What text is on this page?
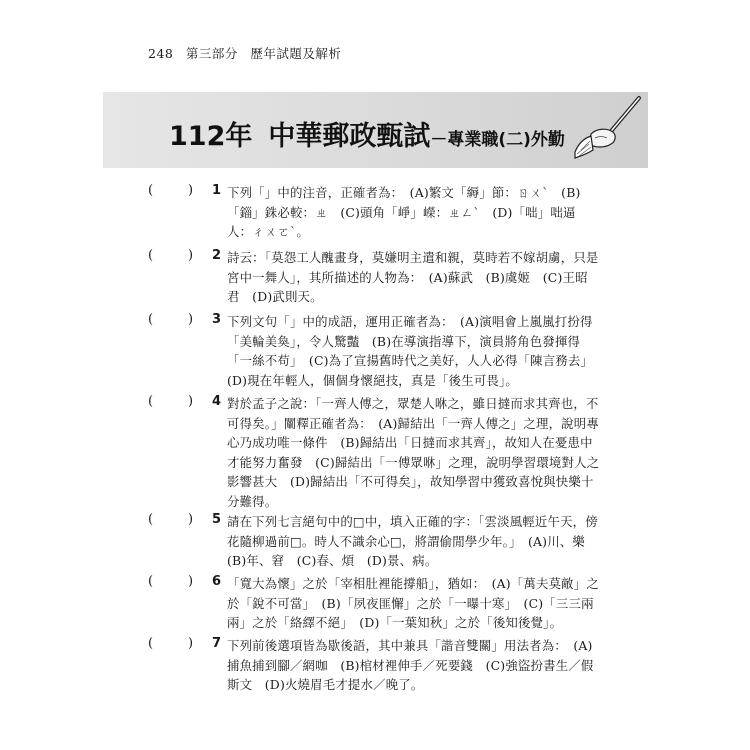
248 第三部分 歷年試題及解析
112年 中華郵政甄試－專業職(二)外勤
(	) 1 下列「」中的注音，正確者為：　(A)繁文「縟」節：ㄖㄨˋ　(B)「錙」銖必較：ㄓ　(C)頭角「崢」嶸：ㄓㄥˋ　(D)「咄」咄逼人：ㄔㄨㄛˋ。
(	) 2 詩云：「莫怨工人醜畫身，莫嫌明主遣和親，莫時若不嫁胡虜，只是宮中一舞人」，其所描述的人物為：　(A)蘇武　(B)虞姬　(C)王昭君　(D)武則天。
(	) 3 下列文句「」中的成語，運用正確者為：　(A)演唱會上嵐嵐打扮得「美輪美奐」，令人驚豔　(B)在導演指導下，演員將角色發揮得「一絲不苟」　(C)為了宣揚舊時代之美好，人人必得「陳言務去」　(D)現在年輕人，個個身懷絕技，真是「後生可畏」。
(	) 4 對於孟子之說：「一齊人傅之，眾楚人咻之，雖日撻而求其齊也，不可得矣。」闡釋正確者為：　(A)歸結出「一齊人傅之」之理，說明專心乃成功唯一條件　(B)歸結出「日撻而求其齊」，故知人在憂患中才能努力奮發　(C)歸結出「一傅眾咻」之理，說明學習環境對人之影響甚大　(D)歸結出「不可得矣」，故知學習中獲致喜悅與快樂十分難得。
(	) 5 請在下列七言絕句中的□中，填入正確的字：「雲淡風輕近午天，傍花隨柳過前□。時人不識余心□，將謂偷閒學少年。」　(A)川、樂　(B)年、窘　(C)春、煩　(D)景、病。
(	) 6 「寬大為懷」之於「宰相肚裡能撐船」，猶如：　(A)「萬夫莫敵」之於「銳不可當」　(B)「夙夜匪懈」之於「一曝十寒」　(C)「三三兩兩」之於「絡繹不絕」　(D)「一葉知秋」之於「後知後覺」。
(	) 7 下列前後選項皆為歇後語，其中兼具「諧音雙關」用法者為：　(A)捕魚捕到腳／網咖　(B)棺材裡伸手／死要錢　(C)強盜扮書生／假斯文　(D)火燒眉毛才提水／晚了。
